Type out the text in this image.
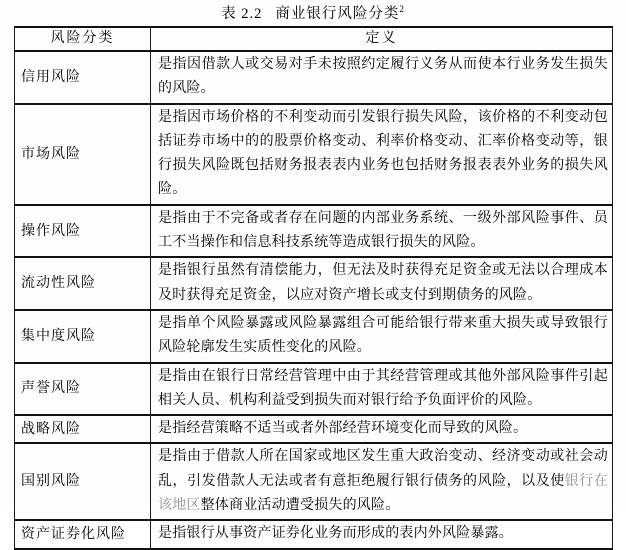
表 2.2 商业银行风险分类$^2$
风险分类	定义
信用风险	是指因借款人或交易对手未按照约定履行义务从而使本行业务发生损失的风险。
市场风险	是指因市场价格的不利变动而引发银行损失风险，该价格的不利变动包括证券市场中的的股票价格变动、利率价格变动、汇率价格变动等，银行损失风险既包括财务报表表内业务也包括财务报表表外业务的损失风险。
操作风险	是指由于不完备或者存在问题的内部业务系统、一级外部风险事件、员工不当操作和信息科技系统等造成银行损失的风险。
流动性风险	是指银行虽然有清偿能力，但无法及时获得充足资金或无法以合理成本及时获得充足资金，以应对资产增长或支付到期债务的风险。
集中度风险	是指单个风险暴露或风险暴露组合可能给银行带来重大损失或导致银行风险轮廓发生实质性变化的风险。
声誉风险	是指由在银行日常经营管理中由于其经营管理或其他外部风险事件引起相关人员、机构利益受到损失而对银行给予负面评价的风险。
战略风险	是指经营策略不适当或者外部经营环境变化而导致的风险。
国别风险	是指由于借款人所在国家或地区发生重大政治变动、经济变动或社会动乱，引发借款人无法或者有意拒绝履行银行债务的风险，以及使银行在该地区整体商业活动遭受损失的风险。
资产证券化风险	是指银行从事资产证券化业务而形成的表内外风险暴露。
